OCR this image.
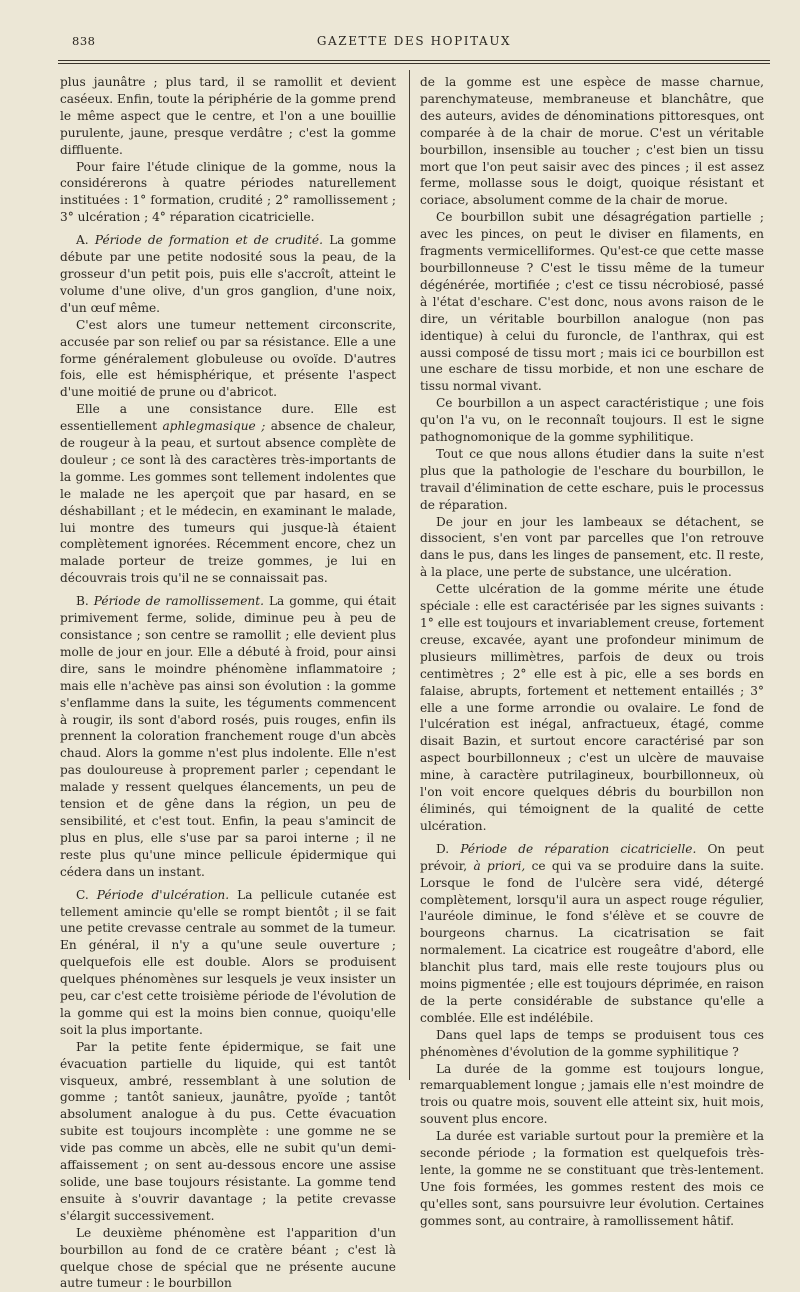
838	GAZETTE DES HOPITAUX

plus jaunâtre ; plus tard, il se ramollit et devient caséeux. Enfin, toute la périphérie de la gomme prend le même aspect que le centre, et l'on a une bouillie purulente, jaune, presque verdâtre ; c'est la gomme diffluente.

Pour faire l'étude clinique de la gomme, nous la considérerons à quatre périodes naturellement instituées : 1° formation, crudité ; 2° ramollissement ; 3° ulcération ; 4° réparation cicatricielle.

A. Période de formation et de crudité. La gomme débute par une petite nodosité sous la peau, de la grosseur d'un petit pois, puis elle s'accroît, atteint le volume d'une olive, d'un gros ganglion, d'une noix, d'un œuf même.

C'est alors une tumeur nettement circonscrite, accusée par son relief ou par sa résistance. Elle a une forme généralement globuleuse ou ovoïde. D'autres fois, elle est hémisphérique, et présente l'aspect d'une moitié de prune ou d'abricot.

Elle a une consistance dure. Elle est essentiellement aphlegmasique ; absence de chaleur, de rougeur à la peau, et surtout absence complète de douleur ; ce sont là des caractères très-importants de la gomme. Les gommes sont tellement indolentes que le malade ne les aperçoit que par hasard, en se déshabillant ; et le médecin, en examinant le malade, lui montre des tumeurs qui jusque-là étaient complètement ignorées. Récemment encore, chez un malade porteur de treize gommes, je lui en découvrais trois qu'il ne se connaissait pas.

B. Période de ramollissement. La gomme, qui était primivement ferme, solide, diminue peu à peu de consistance ; son centre se ramollit ; elle devient plus molle de jour en jour. Elle a débuté à froid, pour ainsi dire, sans le moindre phénomène inflammatoire ; mais elle n'achève pas ainsi son évolution : la gomme s'enflamme dans la suite, les téguments commencent à rougir, ils sont d'abord rosés, puis rouges, enfin ils prennent la coloration franchement rouge d'un abcès chaud. Alors la gomme n'est plus indolente. Elle n'est pas douloureuse à proprement parler ; cependant le malade y ressent quelques élancements, un peu de tension et de gêne dans la région, un peu de sensibilité, et c'est tout. Enfin, la peau s'amincit de plus en plus, elle s'use par sa paroi interne ; il ne reste plus qu'une mince pellicule épidermique qui cédera dans un instant.

C. Période d'ulcération. La pellicule cutanée est tellement amincie qu'elle se rompt bientôt ; il se fait une petite crevasse centrale au sommet de la tumeur. En général, il n'y a qu'une seule ouverture ; quelquefois elle est double. Alors se produisent quelques phénomènes sur lesquels je veux insister un peu, car c'est cette troisième période de l'évolution de la gomme qui est la moins bien connue, quoiqu'elle soit la plus importante.

Par la petite fente épidermique, se fait une évacuation partielle du liquide, qui est tantôt visqueux, ambré, ressemblant à une solution de gomme ; tantôt sanieux, jaunâtre, pyoïde ; tantôt absolument analogue à du pus. Cette évacuation subite est toujours incomplète : une gomme ne se vide pas comme un abcès, elle ne subit qu'un demi-affaissement ; on sent au-dessous encore une assise solide, une base toujours résistante. La gomme tend ensuite à s'ouvrir davantage ; la petite crevasse s'élargit successivement.

Le deuxième phénomène est l'apparition d'un bourbillon au fond de ce cratère béant ; c'est là quelque chose de spécial que ne présente aucune autre tumeur : le bourbillon

de la gomme est une espèce de masse charnue, parenchymateuse, membraneuse et blanchâtre, que des auteurs, avides de dénominations pittoresques, ont comparée à de la chair de morue. C'est un véritable bourbillon, insensible au toucher ; c'est bien un tissu mort que l'on peut saisir avec des pinces ; il est assez ferme, mollasse sous le doigt, quoique résistant et coriace, absolument comme de la chair de morue.

Ce bourbillon subit une désagrégation partielle ; avec les pinces, on peut le diviser en filaments, en fragments vermicelliformes. Qu'est-ce que cette masse bourbillonneuse ? C'est le tissu même de la tumeur dégénérée, mortifiée ; c'est ce tissu nécrobiosé, passé à l'état d'eschare. C'est donc, nous avons raison de le dire, un véritable bourbillon analogue (non pas identique) à celui du furoncle, de l'anthrax, qui est aussi composé de tissu mort ; mais ici ce bourbillon est une eschare de tissu morbide, et non une eschare de tissu normal vivant.

Ce bourbillon a un aspect caractéristique ; une fois qu'on l'a vu, on le reconnaît toujours. Il est le signe pathognomonique de la gomme syphilitique.

Tout ce que nous allons étudier dans la suite n'est plus que la pathologie de l'eschare du bourbillon, le travail d'élimination de cette eschare, puis le processus de réparation.

De jour en jour les lambeaux se détachent, se dissocient, s'en vont par parcelles que l'on retrouve dans le pus, dans les linges de pansement, etc. Il reste, à la place, une perte de substance, une ulcération.

Cette ulcération de la gomme mérite une étude spéciale : elle est caractérisée par les signes suivants : 1° elle est toujours et invariablement creuse, fortement creuse, excavée, ayant une profondeur minimum de plusieurs millimètres, parfois de deux ou trois centimètres ; 2° elle est à pic, elle a ses bords en falaise, abrupts, fortement et nettement entaillés ; 3° elle a une forme arrondie ou ovalaire. Le fond de l'ulcération est inégal, anfractueux, étagé, comme disait Bazin, et surtout encore caractérisé par son aspect bourbillonneux ; c'est un ulcère de mauvaise mine, à caractère putrilagineux, bourbillonneux, où l'on voit encore quelques débris du bourbillon non éliminés, qui témoignent de la qualité de cette ulcération.

D. Période de réparation cicatricielle. On peut prévoir, à priori, ce qui va se produire dans la suite. Lorsque le fond de l'ulcère sera vidé, détergé complètement, lorsqu'il aura un aspect rouge régulier, l'auréole diminue, le fond s'élève et se couvre de bourgeons charnus. La cicatrisation se fait normalement. La cicatrice est rougeâtre d'abord, elle blanchit plus tard, mais elle reste toujours plus ou moins pigmentée ; elle est toujours déprimée, en raison de la perte considérable de substance qu'elle a comblée. Elle est indélébile.

Dans quel laps de temps se produisent tous ces phénomènes d'évolution de la gomme syphilitique ?

La durée de la gomme est toujours longue, remarquablement longue ; jamais elle n'est moindre de trois ou quatre mois, souvent elle atteint six, huit mois, souvent plus encore.

La durée est variable surtout pour la première et la seconde période ; la formation est quelquefois très-lente, la gomme ne se constituant que très-lentement. Une fois formées, les gommes restent des mois ce qu'elles sont, sans poursuivre leur évolution. Certaines gommes sont, au contraire, à ramollissement hâtif.
